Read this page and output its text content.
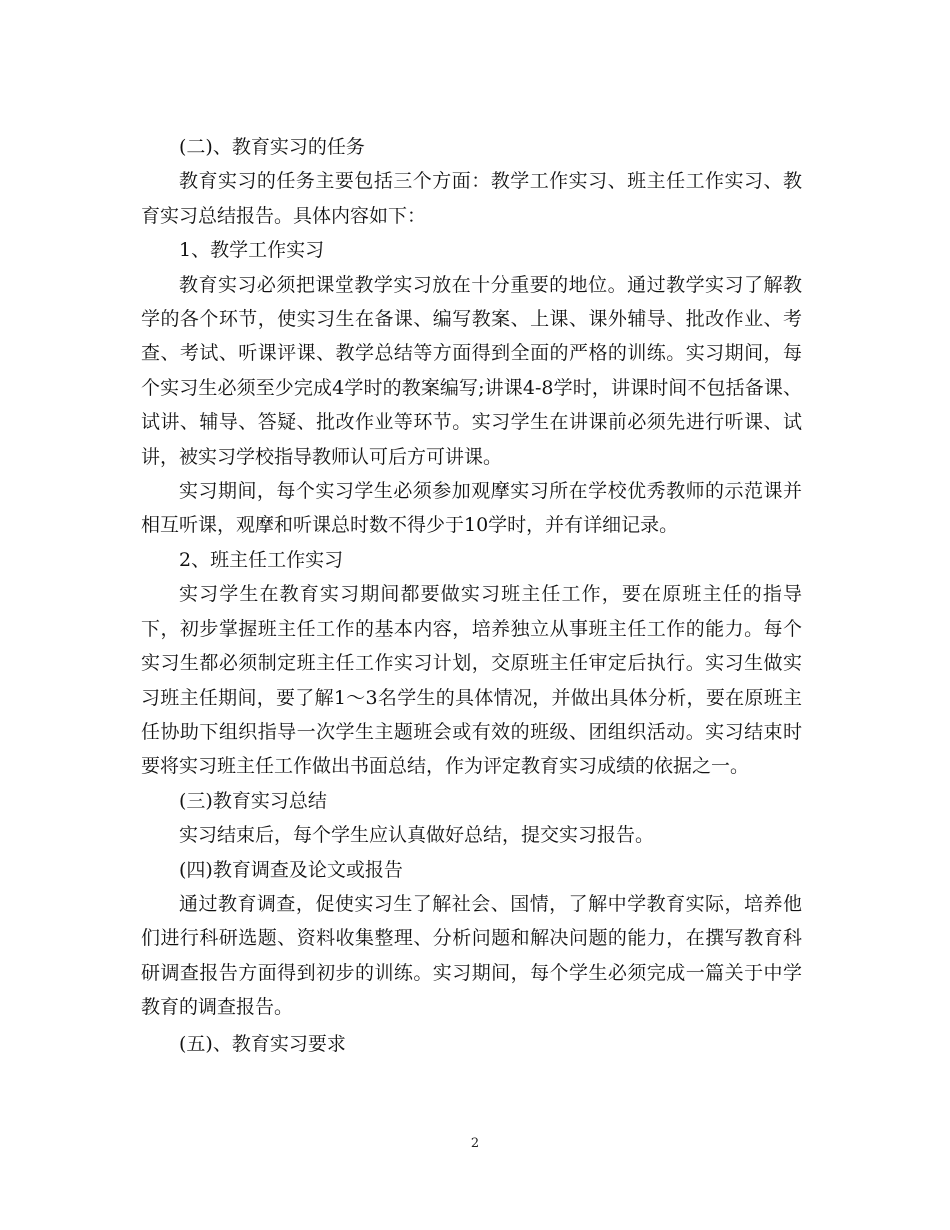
(二)、教育实习的任务

教育实习的任务主要包括三个方面：教学工作实习、班主任工作实习、教育实习总结报告。具体内容如下：

1、教学工作实习

教育实习必须把课堂教学实习放在十分重要的地位。通过教学实习了解教学的各个环节，使实习生在备课、编写教案、上课、课外辅导、批改作业、考查、考试、听课评课、教学总结等方面得到全面的严格的训练。实习期间，每个实习生必须至少完成4学时的教案编写;讲课4-8学时，讲课时间不包括备课、试讲、辅导、答疑、批改作业等环节。实习学生在讲课前必须先进行听课、试讲，被实习学校指导教师认可后方可讲课。

实习期间，每个实习学生必须参加观摩实习所在学校优秀教师的示范课并相互听课，观摩和听课总时数不得少于10学时，并有详细记录。

2、班主任工作实习

实习学生在教育实习期间都要做实习班主任工作，要在原班主任的指导下，初步掌握班主任工作的基本内容，培养独立从事班主任工作的能力。每个实习生都必须制定班主任工作实习计划，交原班主任审定后执行。实习生做实习班主任期间，要了解1～3名学生的具体情况，并做出具体分析，要在原班主任协助下组织指导一次学生主题班会或有效的班级、团组织活动。实习结束时要将实习班主任工作做出书面总结，作为评定教育实习成绩的依据之一。

(三)教育实习总结

实习结束后，每个学生应认真做好总结，提交实习报告。

(四)教育调查及论文或报告

通过教育调查，促使实习生了解社会、国情，了解中学教育实际，培养他们进行科研选题、资料收集整理、分析问题和解决问题的能力，在撰写教育科研调查报告方面得到初步的训练。实习期间，每个学生必须完成一篇关于中学教育的调查报告。

(五)、教育实习要求

2
